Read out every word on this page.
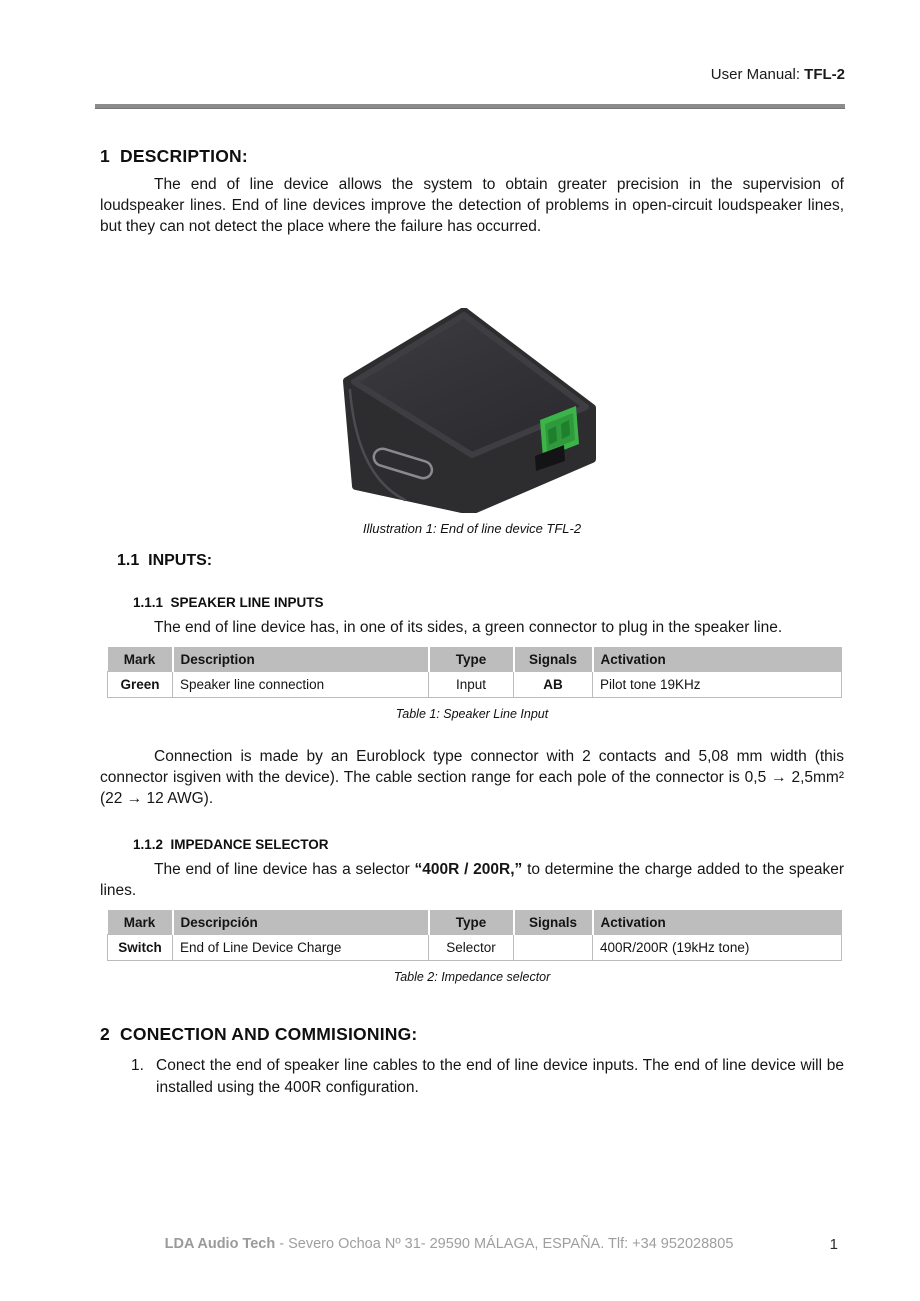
User Manual: TFL-2
1  DESCRIPTION:

The end of line device allows the system to obtain greater precision in the supervision of loudspeaker lines. End of line devices improve the detection of problems in open-circuit loudspeaker lines, but they can not detect the place where the failure has occurred.

Illustration 1: End of line device TFL-2
1.1  INPUTS:
1.1.1  SPEAKER LINE INPUTS

The end of line device has, in one of its sides, a green connector to plug in the speaker line.

Mark	Description	Type	Signals	Activation
Green	Speaker line connection	Input	AB	Pilot tone 19KHz
Table 1: Speaker Line Input

Connection is made by an Euroblock type connector with 2 contacts and 5,08 mm width (this connector isgiven with the device). The cable section range for each pole of the connector is 0,5 → 2,5mm² (22 → 12 AWG).

1.1.2  IMPEDANCE SELECTOR

The end of line device has a selector “400R / 200R,” to determine the charge added to the speaker lines.

Mark	Descripción	Type	Signals	Activation
Switch	End of Line Device Charge	Selector		400R/200R (19kHz tone)
Table 2: Impedance selector
2  CONECTION AND COMMISIONING:
1. Conect the end of speaker line cables to the end of line device inputs. The end of line device will be installed using the 400R configuration.
LDA Audio Tech - Severo Ochoa Nº 31- 29590 MÁLAGA, ESPAÑA. Tlf: +34 952028805	1
